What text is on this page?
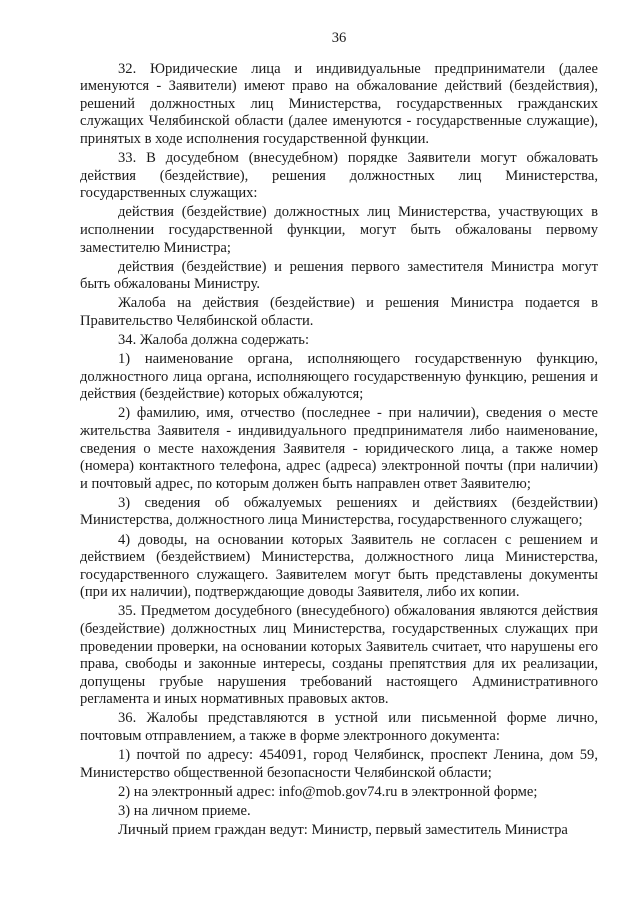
36

32. Юридические лица и индивидуальные предприниматели (далее именуются - Заявители) имеют право на обжалование действий (бездействия), решений должностных лиц Министерства, государственных гражданских служащих Челябинской области (далее именуются - государственные служащие), принятых в ходе исполнения государственной функции.

33. В досудебном (внесудебном) порядке Заявители могут обжаловать действия (бездействие), решения должностных лиц Министерства, государственных служащих:

действия (бездействие) должностных лиц Министерства, участвующих в исполнении государственной функции, могут быть обжалованы первому заместителю Министра;

действия (бездействие) и решения первого заместителя Министра могут быть обжалованы Министру.

Жалоба на действия (бездействие) и решения Министра подается в Правительство Челябинской области.

34. Жалоба должна содержать:

1) наименование органа, исполняющего государственную функцию, должностного лица органа, исполняющего государственную функцию, решения и действия (бездействие) которых обжалуются;

2) фамилию, имя, отчество (последнее - при наличии), сведения о месте жительства Заявителя - индивидуального предпринимателя либо наименование, сведения о месте нахождения Заявителя - юридического лица, а также номер (номера) контактного телефона, адрес (адреса) электронной почты (при наличии) и почтовый адрес, по которым должен быть направлен ответ Заявителю;

3) сведения об обжалуемых решениях и действиях (бездействии) Министерства, должностного лица Министерства, государственного служащего;

4) доводы, на основании которых Заявитель не согласен с решением и действием (бездействием) Министерства, должностного лица Министерства, государственного служащего. Заявителем могут быть представлены документы (при их наличии), подтверждающие доводы Заявителя, либо их копии.

35. Предметом досудебного (внесудебного) обжалования являются действия (бездействие) должностных лиц Министерства, государственных служащих при проведении проверки, на основании которых Заявитель считает, что нарушены его права, свободы и законные интересы, созданы препятствия для их реализации, допущены грубые нарушения требований настоящего Административного регламента и иных нормативных правовых актов.

36. Жалобы представляются в устной или письменной форме лично, почтовым отправлением, а также в форме электронного документа:

1) почтой по адресу: 454091, город Челябинск, проспект Ленина, дом 59, Министерство общественной безопасности Челябинской области;

2) на электронный адрес: info@mob.gov74.ru в электронной форме;

3) на личном приеме.

Личный прием граждан ведут: Министр, первый заместитель Министра
